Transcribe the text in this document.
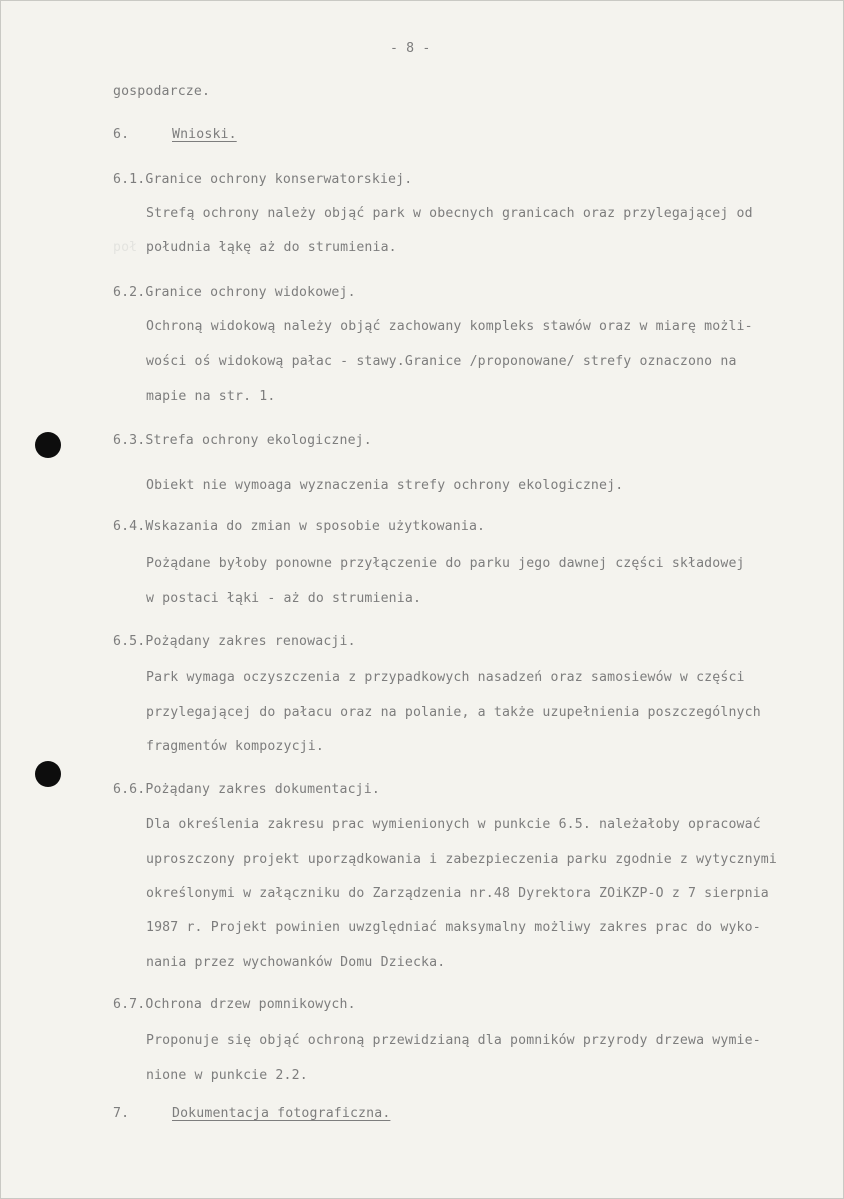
- 8 -
gospodarcze.
6.	Wnioski.
6.1.Granice ochrony konserwatorskiej.
Strefą ochrony należy objąć park w obecnych granicach oraz przylegającej od
poł południa łąkę aż do strumienia.
6.2.Granice ochrony widokowej.
Ochroną widokową należy objąć zachowany kompleks stawów oraz w miarę możli-
wości oś widokową pałac - stawy.Granice /proponowane/ strefy oznaczono na
mapie na str. 1.
6.3.Strefa ochrony ekologicznej.
Obiekt nie wymoaga wyznaczenia strefy ochrony ekologicznej.
6.4.Wskazania do zmian w sposobie użytkowania.
Pożądane byłoby ponowne przyłączenie do parku jego dawnej części składowej
w postaci łąki - aż do strumienia.
6.5.Pożądany zakres renowacji.
Park wymaga oczyszczenia z przypadkowych nasadzeń oraz samosiewów w części
przylegającej do pałacu oraz na polanie, a także uzupełnienia poszczególnych
fragmentów kompozycji.
6.6.Pożądany zakres dokumentacji.
Dla określenia zakresu prac wymienionych w punkcie 6.5. należałoby opracować
uproszczony projekt uporządkowania i zabezpieczenia parku zgodnie z wytycznymi
określonymi w załączniku do Zarządzenia nr.48 Dyrektora ZOiKZP-O z 7 sierpnia
1987 r. Projekt powinien uwzględniać maksymalny możliwy zakres prac do wyko-
nania przez wychowanków Domu Dziecka.
6.7.Ochrona drzew pomnikowych.
Proponuje się objąć ochroną przewidzianą dla pomników przyrody drzewa wymie-
nione w punkcie 2.2.
7.	Dokumentacja fotograficzna.
